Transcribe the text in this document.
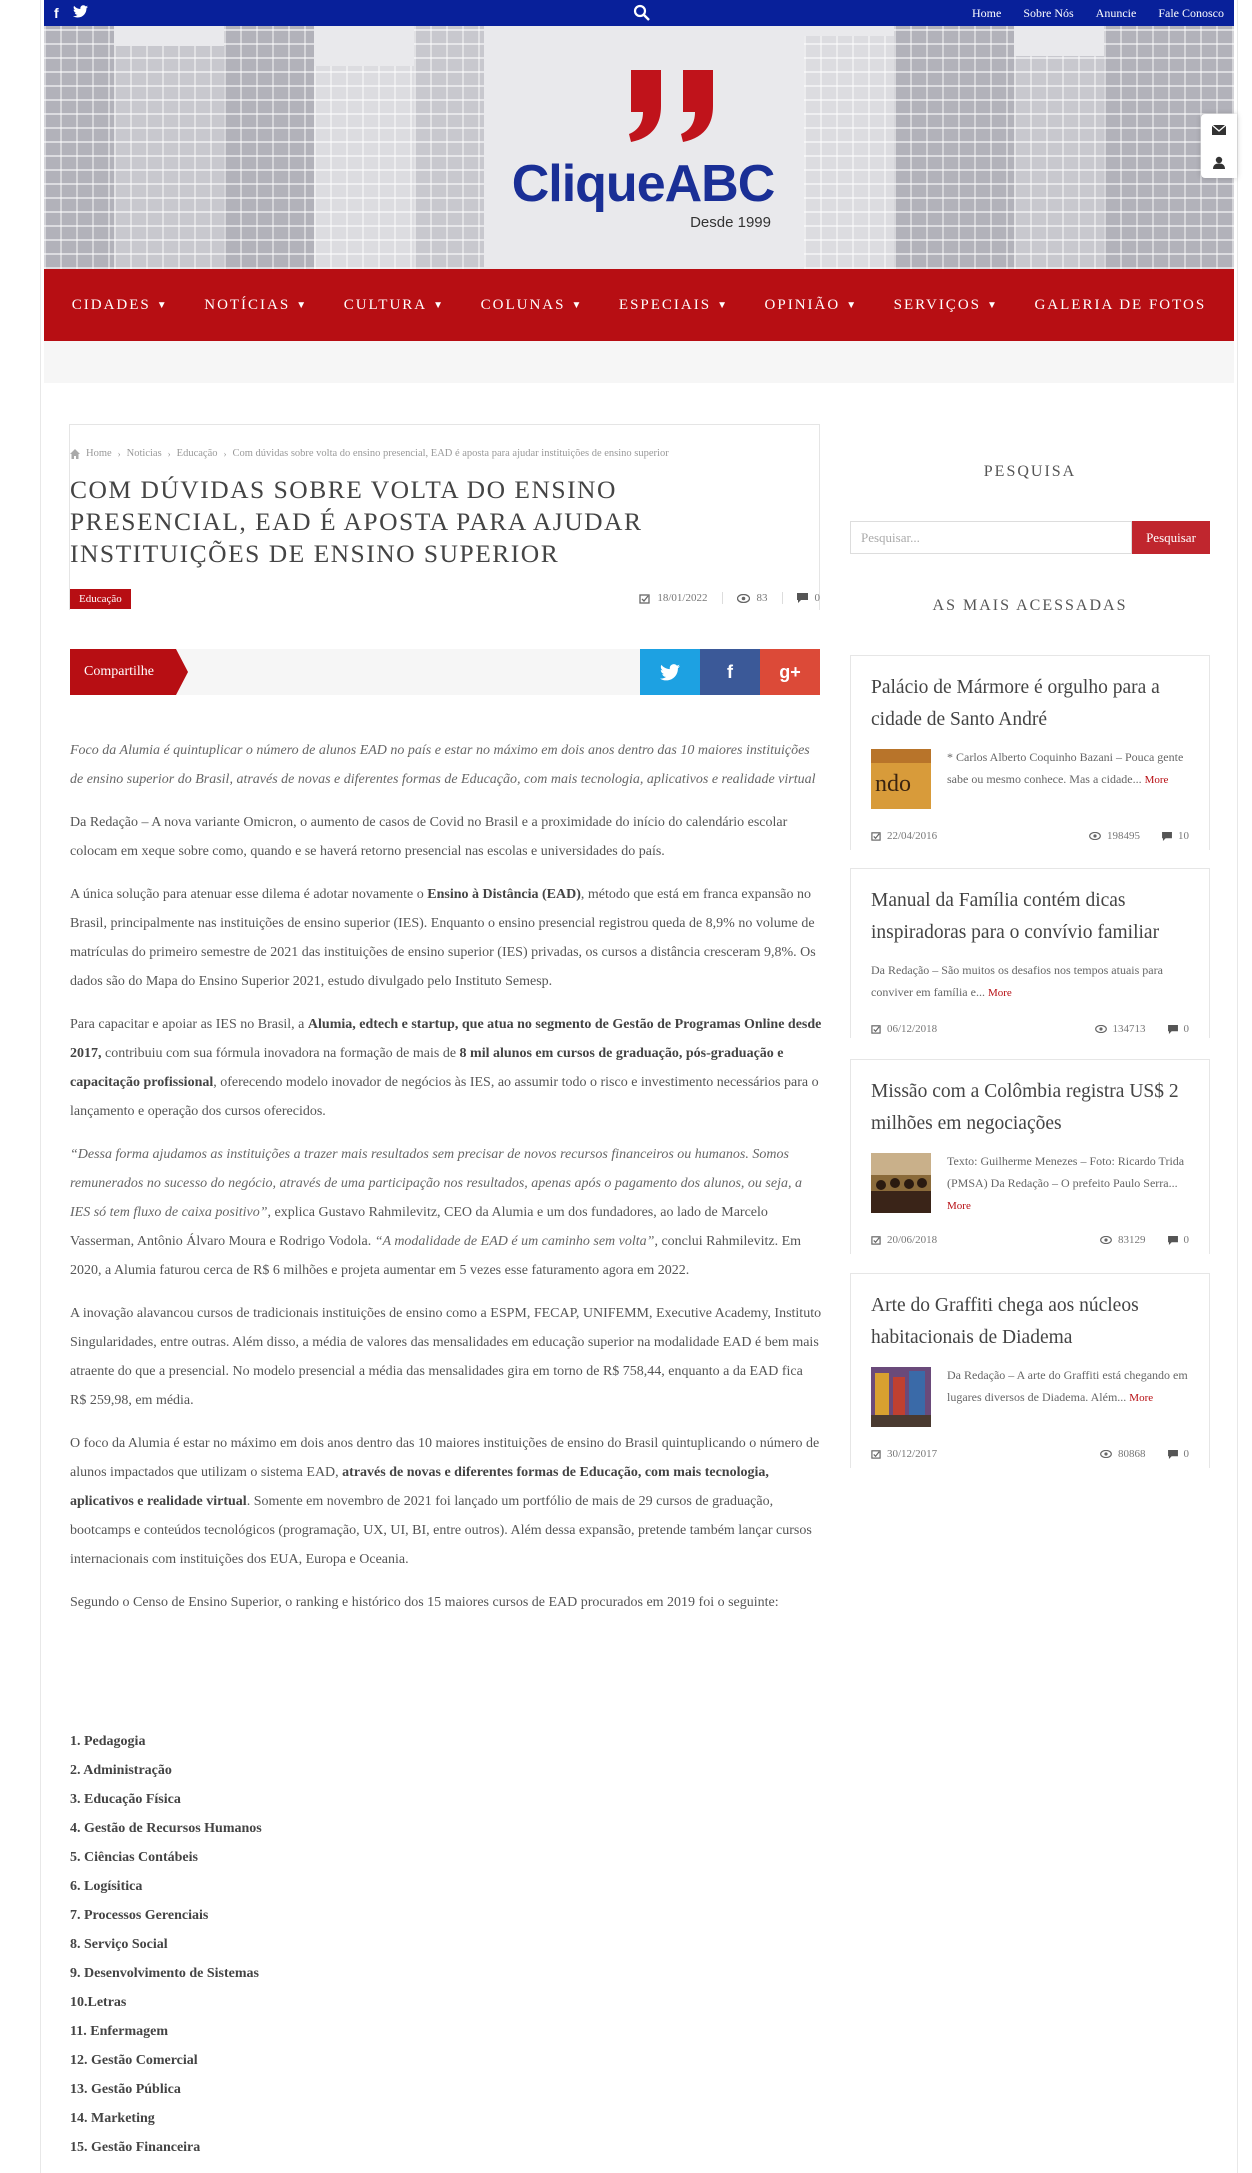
f	Home Sobre Nós Anuncie Fale Conosco
CliqueABC
Desde 1999
CIDADES ▼ NOTÍCIAS ▼ CULTURA ▼ COLUNAS ▼ ESPECIAIS ▼ OPINIÃO ▼ SERVIÇOS ▼ GALERIA DE FOTOS
Home › Noticias › Educação › Com dúvidas sobre volta do ensino presencial, EAD é aposta para ajudar instituições de ensino superior
COM DÚVIDAS SOBRE VOLTA DO ENSINO PRESENCIAL, EAD É APOSTA PARA AJUDAR INSTITUIÇÕES DE ENSINO SUPERIOR
Educação	18/01/2022	83	0
Compartilhe	f	g+

Foco da Alumia é quintuplicar o número de alunos EAD no país e estar no máximo em dois anos dentro das 10 maiores instituições de ensino superior do Brasil, através de novas e diferentes formas de Educação, com mais tecnologia, aplicativos e realidade virtual

Da Redação – A nova variante Omicron, o aumento de casos de Covid no Brasil e a proximidade do início do calendário escolar colocam em xeque sobre como, quando e se haverá retorno presencial nas escolas e universidades do país.

A única solução para atenuar esse dilema é adotar novamente o Ensino à Distância (EAD), método que está em franca expansão no Brasil, principalmente nas instituições de ensino superior (IES). Enquanto o ensino presencial registrou queda de 8,9% no volume de matrículas do primeiro semestre de 2021 das instituições de ensino superior (IES) privadas, os cursos a distância cresceram 9,8%. Os dados são do Mapa do Ensino Superior 2021, estudo divulgado pelo Instituto Semesp.

Para capacitar e apoiar as IES no Brasil, a Alumia, edtech e startup, que atua no segmento de Gestão de Programas Online desde 2017, contribuiu com sua fórmula inovadora na formação de mais de 8 mil alunos em cursos de graduação, pós-graduação e capacitação profissional, oferecendo modelo inovador de negócios às IES, ao assumir todo o risco e investimento necessários para o lançamento e operação dos cursos oferecidos.

“Dessa forma ajudamos as instituições a trazer mais resultados sem precisar de novos recursos financeiros ou humanos. Somos remunerados no sucesso do negócio, através de uma participação nos resultados, apenas após o pagamento dos alunos, ou seja, a IES só tem fluxo de caixa positivo”, explica Gustavo Rahmilevitz, CEO da Alumia e um dos fundadores, ao lado de Marcelo Vasserman, Antônio Álvaro Moura e Rodrigo Vodola. “A modalidade de EAD é um caminho sem volta”, conclui Rahmilevitz. Em 2020, a Alumia faturou cerca de R$ 6 milhões e projeta aumentar em 5 vezes esse faturamento agora em 2022.

A inovação alavancou cursos de tradicionais instituições de ensino como a ESPM, FECAP, UNIFEMM, Executive Academy, Instituto Singularidades, entre outras. Além disso, a média de valores das mensalidades em educação superior na modalidade EAD é bem mais atraente do que a presencial. No modelo presencial a média das mensalidades gira em torno de R$ 758,44, enquanto a da EAD fica R$ 259,98, em média.

O foco da Alumia é estar no máximo em dois anos dentro das 10 maiores instituições de ensino do Brasil quintuplicando o número de alunos impactados que utilizam o sistema EAD, através de novas e diferentes formas de Educação, com mais tecnologia, aplicativos e realidade virtual. Somente em novembro de 2021 foi lançado um portfólio de mais de 29 cursos de graduação, bootcamps e conteúdos tecnológicos (programação, UX, UI, BI, entre outros). Além dessa expansão, pretende também lançar cursos internacionais com instituições dos EUA, Europa e Oceania.

Segundo o Censo de Ensino Superior, o ranking e histórico dos 15 maiores cursos de EAD procurados em 2019 foi o seguinte:

1. Pedagogia
2. Administração
3. Educação Física
4. Gestão de Recursos Humanos
5. Ciências Contábeis
6. Logísitica
7. Processos Gerenciais
8. Serviço Social
9. Desenvolvimento de Sistemas
10.Letras
11. Enfermagem
12. Gestão Comercial
13. Gestão Pública
14. Marketing
15. Gestão Financeira
PESQUISA
Pesquisar...	Pesquisar
AS MAIS ACESSADAS
Palácio de Mármore é orgulho para a cidade de Santo André
ndo
* Carlos Alberto Coquinho Bazani – Pouca gente sabe ou mesmo conhece. Mas a cidade... More
22/04/2016	198495	10
Manual da Família contém dicas inspiradoras para o convívio familiar
Da Redação – São muitos os desafios nos tempos atuais para conviver em família e... More
06/12/2018	134713	0
Missão com a Colômbia registra US$ 2 milhões em negociações
Texto: Guilherme Menezes – Foto: Ricardo Trida (PMSA) Da Redação – O prefeito Paulo Serra... More
20/06/2018	83129	0
Arte do Graffiti chega aos núcleos habitacionais de Diadema
Da Redação – A arte do Graffiti está chegando em lugares diversos de Diadema. Além... More
30/12/2017	80868	0
